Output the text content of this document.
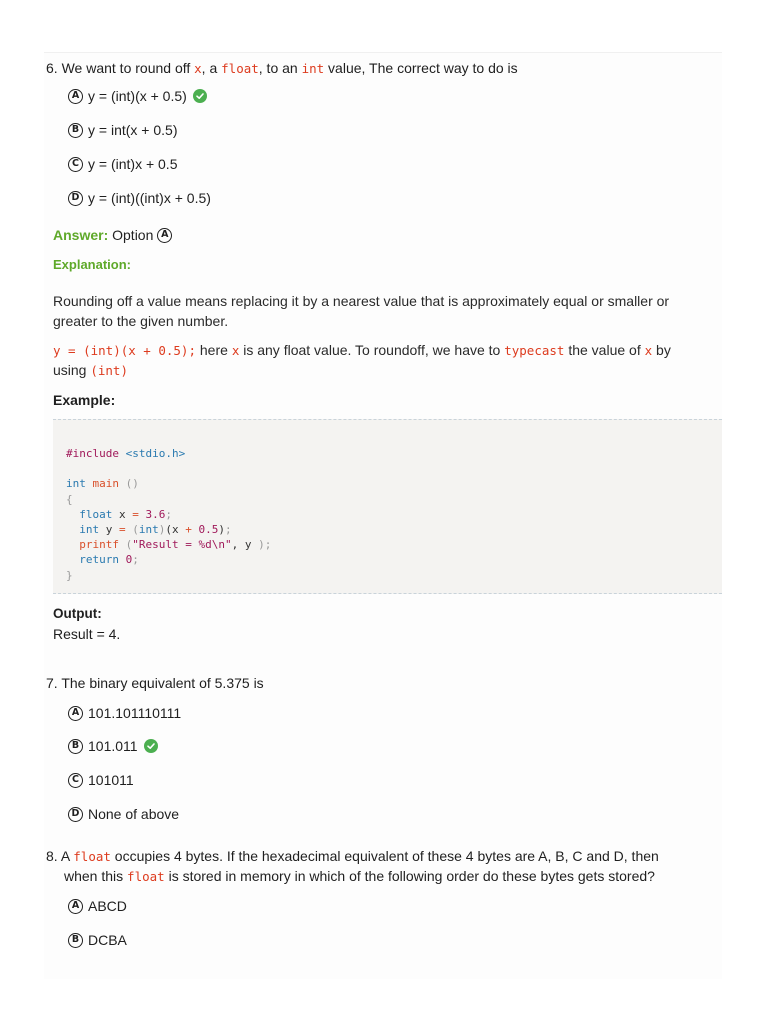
6. We want to round off x, a float, to an int value, The correct way to do is
A y = (int)(x + 0.5)
B y = int(x + 0.5)
C y = (int)x + 0.5
D y = (int)((int)x + 0.5)
Answer:
Option
A
Explanation:
Rounding off a value means replacing it by a nearest value that is approximately equal or smaller or
greater to the given number.
y = (int)(x + 0.5); here x is any float value. To roundoff, we have to typecast the value of x by
using (int)
Example:
#include <stdio.h>

int main ()
{
float x = 3.6;
int y = (int)(x + 0.5);
printf ("Result = %d\n", y );
return 0;
}
Output:
Result = 4.
7. The binary equivalent of 5.375 is
A 101.101110111
B 101.011
C 101011
D None of above
8. A float occupies 4 bytes. If the hexadecimal equivalent of these 4 bytes are A, B, C and D, then
when this float is stored in memory in which of the following order do these bytes gets stored?
A ABCD
B DCBA
